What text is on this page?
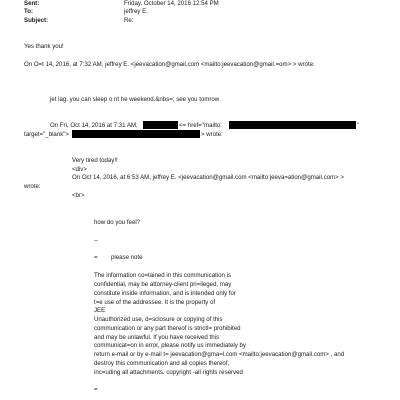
Sent:	Friday, October 14, 2016 12:54 PM
To:	jeffrey E.
Subject:	Re:
Yes thank you!
On O=t 14, 2016, at 7:32 AM, jeffrey E. <jeevacation@gmail.com <mailto:jeevacation@gmail.=om> > wrote:
jet lag. you can sleep o nt he weekend.&nbs=; see you tomrow
On Fri, Oct 14, 2016 at 7:31 AM,	<= href="mailto:	"
target="_blank">	> wrote:
Very tired today!!
<div>
On Oct 14, 2016, at 6:53 AM, jeffrey E. <jeevacation@gmail.com <mailto:jeeva=ation@gmail.com> >
wrote:
<br>
how do you feel?
--
= please note
The information co=tained in this communication is
confidential, may be attorney-client pri=ileged, may
constitute inside information, and is intended only for
t=e use of the addressee. It is the property of
JEE
Unauthorized use, d=sclosure or copying of this
communication or any part thereof is strictl= prohibited
and may be unlawful. If you have received this
communicat=on in error, please notify us immediately by
return e-mail or by e-mail t= jeevacation@gma=l.com <mailto:jeevacation@gmail.com> , and
destroy this communication and all copies thereof,
inc=uding all attachments. copyright -all rights reserved
=
